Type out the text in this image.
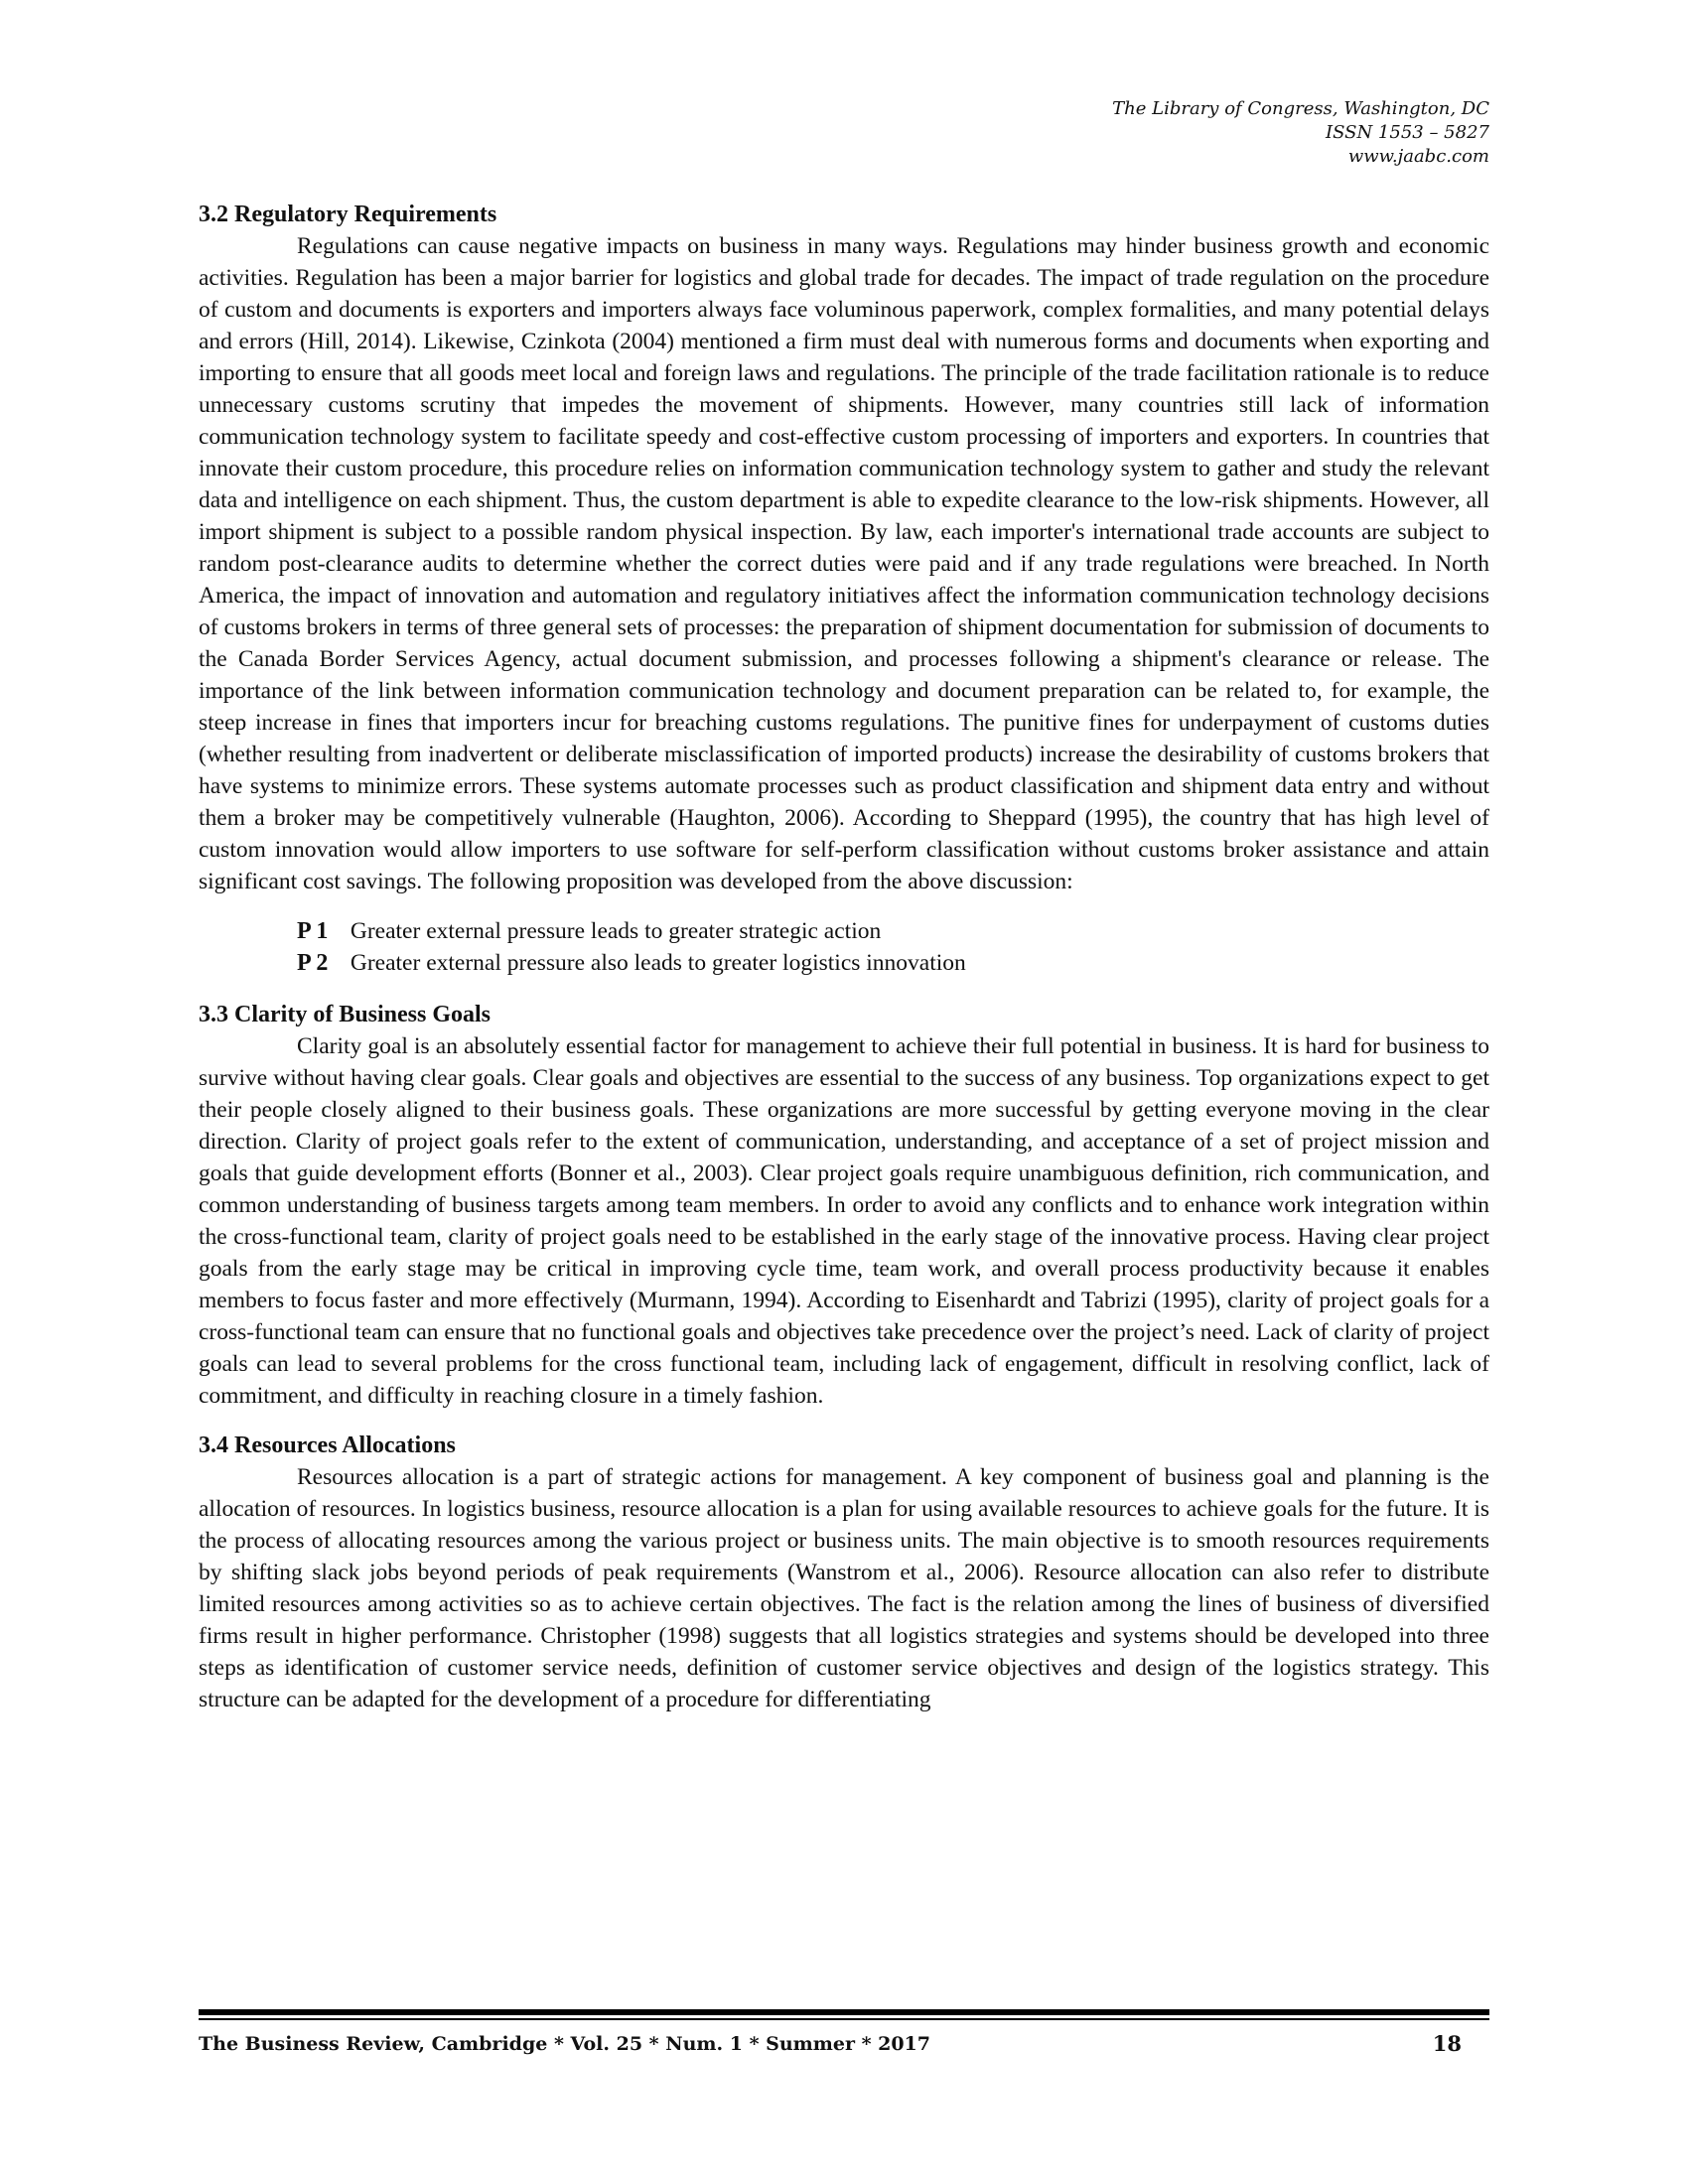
The Library of Congress, Washington, DC
ISSN 1553 – 5827
www.jaabc.com
3.2 Regulatory Requirements

Regulations can cause negative impacts on business in many ways. Regulations may hinder business growth and economic activities. Regulation has been a major barrier for logistics and global trade for decades. The impact of trade regulation on the procedure of custom and documents is exporters and importers always face voluminous paperwork, complex formalities, and many potential delays and errors (Hill, 2014). Likewise, Czinkota (2004) mentioned a firm must deal with numerous forms and documents when exporting and importing to ensure that all goods meet local and foreign laws and regulations. The principle of the trade facilitation rationale is to reduce unnecessary customs scrutiny that impedes the movement of shipments. However, many countries still lack of information communication technology system to facilitate speedy and cost-effective custom processing of importers and exporters. In countries that innovate their custom procedure, this procedure relies on information communication technology system to gather and study the relevant data and intelligence on each shipment. Thus, the custom department is able to expedite clearance to the low-risk shipments. However, all import shipment is subject to a possible random physical inspection. By law, each importer's international trade accounts are subject to random post-clearance audits to determine whether the correct duties were paid and if any trade regulations were breached. In North America, the impact of innovation and automation and regulatory initiatives affect the information communication technology decisions of customs brokers in terms of three general sets of processes: the preparation of shipment documentation for submission of documents to the Canada Border Services Agency, actual document submission, and processes following a shipment's clearance or release. The importance of the link between information communication technology and document preparation can be related to, for example, the steep increase in fines that importers incur for breaching customs regulations. The punitive fines for underpayment of customs duties (whether resulting from inadvertent or deliberate misclassification of imported products) increase the desirability of customs brokers that have systems to minimize errors. These systems automate processes such as product classification and shipment data entry and without them a broker may be competitively vulnerable (Haughton, 2006). According to Sheppard (1995), the country that has high level of custom innovation would allow importers to use software for self-perform classification without customs broker assistance and attain significant cost savings. The following proposition was developed from the above discussion:

P 1 Greater external pressure leads to greater strategic action
P 2 Greater external pressure also leads to greater logistics innovation
3.3 Clarity of Business Goals

Clarity goal is an absolutely essential factor for management to achieve their full potential in business. It is hard for business to survive without having clear goals. Clear goals and objectives are essential to the success of any business. Top organizations expect to get their people closely aligned to their business goals. These organizations are more successful by getting everyone moving in the clear direction. Clarity of project goals refer to the extent of communication, understanding, and acceptance of a set of project mission and goals that guide development efforts (Bonner et al., 2003). Clear project goals require unambiguous definition, rich communication, and common understanding of business targets among team members. In order to avoid any conflicts and to enhance work integration within the cross-functional team, clarity of project goals need to be established in the early stage of the innovative process. Having clear project goals from the early stage may be critical in improving cycle time, team work, and overall process productivity because it enables members to focus faster and more effectively (Murmann, 1994). According to Eisenhardt and Tabrizi (1995), clarity of project goals for a cross-functional team can ensure that no functional goals and objectives take precedence over the project’s need. Lack of clarity of project goals can lead to several problems for the cross functional team, including lack of engagement, difficult in resolving conflict, lack of commitment, and difficulty in reaching closure in a timely fashion.

3.4 Resources Allocations

Resources allocation is a part of strategic actions for management. A key component of business goal and planning is the allocation of resources. In logistics business, resource allocation is a plan for using available resources to achieve goals for the future. It is the process of allocating resources among the various project or business units. The main objective is to smooth resources requirements by shifting slack jobs beyond periods of peak requirements (Wanstrom et al., 2006). Resource allocation can also refer to distribute limited resources among activities so as to achieve certain objectives. The fact is the relation among the lines of business of diversified firms result in higher performance. Christopher (1998) suggests that all logistics strategies and systems should be developed into three steps as identification of customer service needs, definition of customer service objectives and design of the logistics strategy. This structure can be adapted for the development of a procedure for differentiating

The Business Review, Cambridge * Vol. 25 * Num. 1 * Summer * 2017	18
